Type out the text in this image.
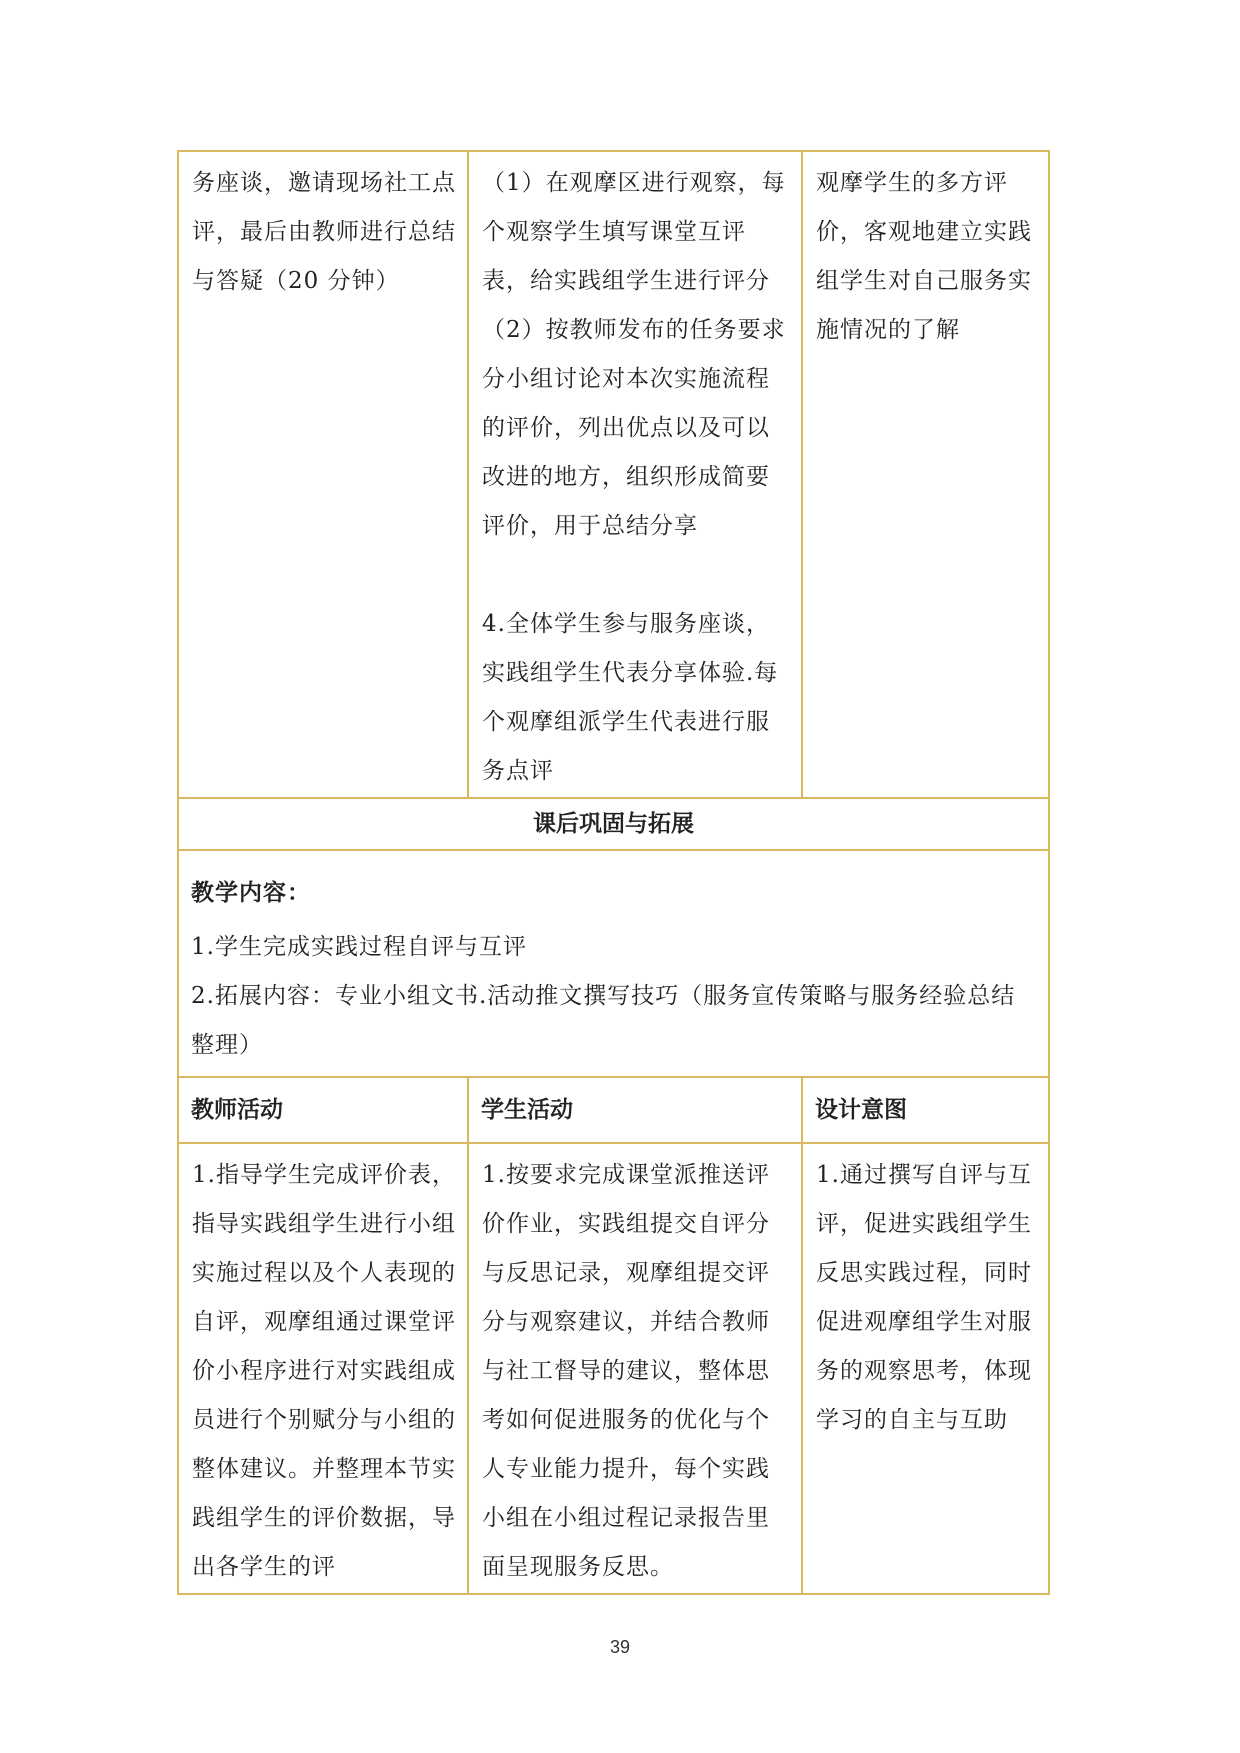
务座谈，邀请现场社工点评，最后由教师进行总结与答疑（20 分钟）	（1）在观摩区进行观察，每个观察学生填写课堂互评表，给实践组学生进行评分

（2）按教师发布的任务要求分小组讨论对本次实施流程的评价，列出优点以及可以改进的地方，组织形成简要评价，用于总结分享

4.全体学生参与服务座谈，实践组学生代表分享体验.每个观摩组派学生代表进行服务点评	观摩学生的多方评价，客观地建立实践组学生对自己服务实施情况的了解

课后巩固与拓展		

教学内容：

1.学生完成实践过程自评与互评

2.拓展内容：专业小组文书.活动推文撰写技巧（服务宣传策略与服务经验总结整理）		

教师活动	学生活动	设计意图

1.指导学生完成评价表，指导实践组学生进行小组实施过程以及个人表现的自评，观摩组通过课堂评价小程序进行对实践组成员进行个别赋分与小组的整体建议。并整理本节实践组学生的评价数据，导出各学生的评	1.按要求完成课堂派推送评价作业，实践组提交自评分与反思记录，观摩组提交评分与观察建议，并结合教师与社工督导的建议，整体思考如何促进服务的优化与个人专业能力提升，每个实践小组在小组过程记录报告里面呈现服务反思。	1.通过撰写自评与互评，促进实践组学生反思实践过程，同时促进观摩组学生对服务的观察思考，体现学习的自主与互助

39
